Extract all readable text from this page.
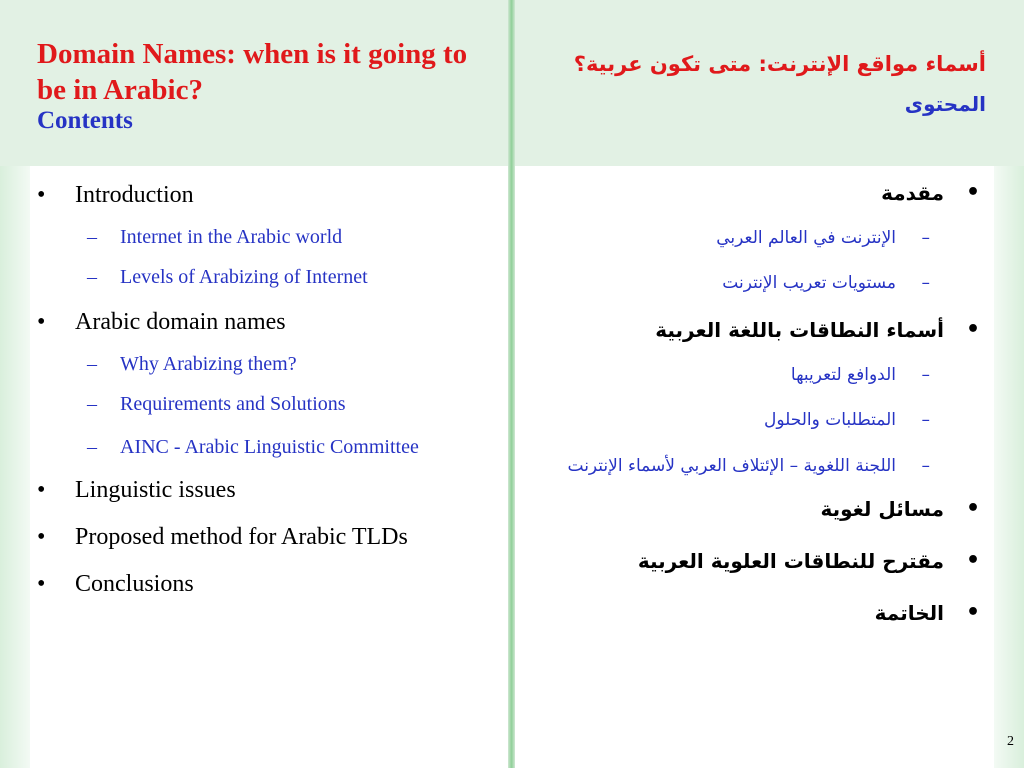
Domain Names: when is it going to be in Arabic?
Contents
أسماء مواقع الإنترنت: متى تكون عربية؟
المحتوى
• Introduction
– Internet in the Arabic world
– Levels of Arabizing of Internet
• Arabic domain names
– Why Arabizing them?
– Requirements and Solutions
– AINC - Arabic Linguistic Committee
• Linguistic issues
• Proposed method for Arabic TLDs
• Conclusions
•
مقدمة
–
الإنترنت في العالم العربي
–
مستويات تعريب الإنترنت
•
أسماء النطاقات باللغة العربية
–
الدوافع لتعريبها
–
المتطلبات والحلول
–
اللجنة اللغوية – الإئتلاف العربي لأسماء الإنترنت
•
مسائل لغوية
•
مقترح للنطاقات العلوية العربية
•
الخاتمة
2
